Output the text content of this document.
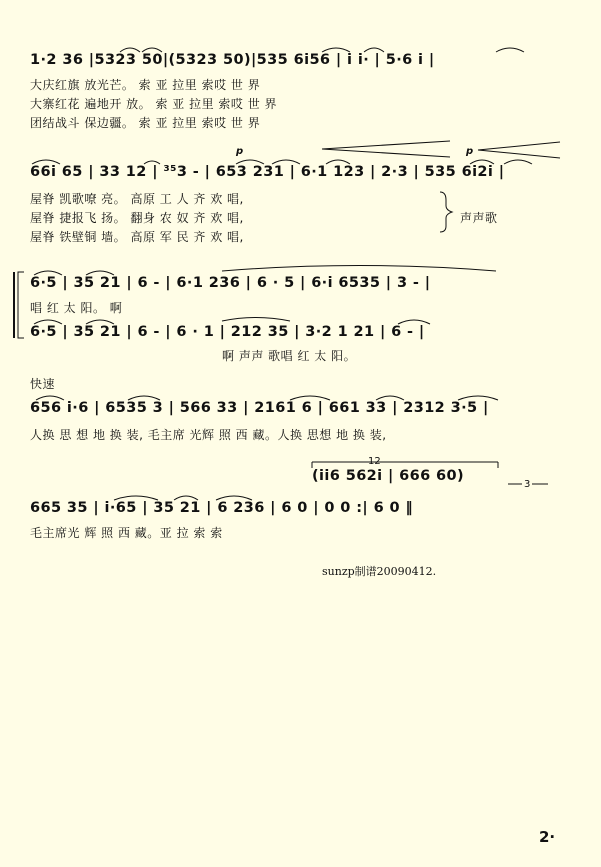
1·2 36 |5323 50|(5323 50)|535 6i56 | i i· | 5·6 i |
大庆红旗 放光芒。 索 亚 拉里 索哎 世 界
大寨红花 遍地开 放。 索 亚 拉里 索哎 世 界
团结战斗 保边疆。 索 亚 拉里 索哎 世 界
p	p
66i 65 | 33 12 | ³⁵3 - | 653 231 | 6·1 123 | 2·3 | 535 6i2i |
屋脊 凯歌嘹 亮。 高原 工 人 齐 欢 唱,
屋脊 捷报飞 扬。 翻身 农 奴 齐 欢 唱,
屋脊 铁壁铜 墙。 高原 军 民 齐 欢 唱,
声声歌
6·5 | 35 21 | 6 - | 6·1 236 | 6 · 5 | 6·i 6535 | 3 - |
唱 红 太 阳。 啊
6·5 | 35 21 | 6 - | 6 · 1 | 212 35 | 3·2 1 21 | 6 - |
啊 声声 歌唱 红 太 阳。
快速
656 i·6 | 6535 3 | 566 33 | 2161 6 | 661 33 | 2312 3·5 |
人换 思 想 地 换 装, 毛主席 光辉 照 西 藏。人换 思想 地 换 装,
12
(ii6 562i | 666 60)
3
665 35 | i·65 | 35 21 | 6 236 | 6 0 | 0 0 :| 6 0 ‖
毛主席光 辉 照 西 藏。亚 拉 索 索
sunzp制谱20090412.
2·
